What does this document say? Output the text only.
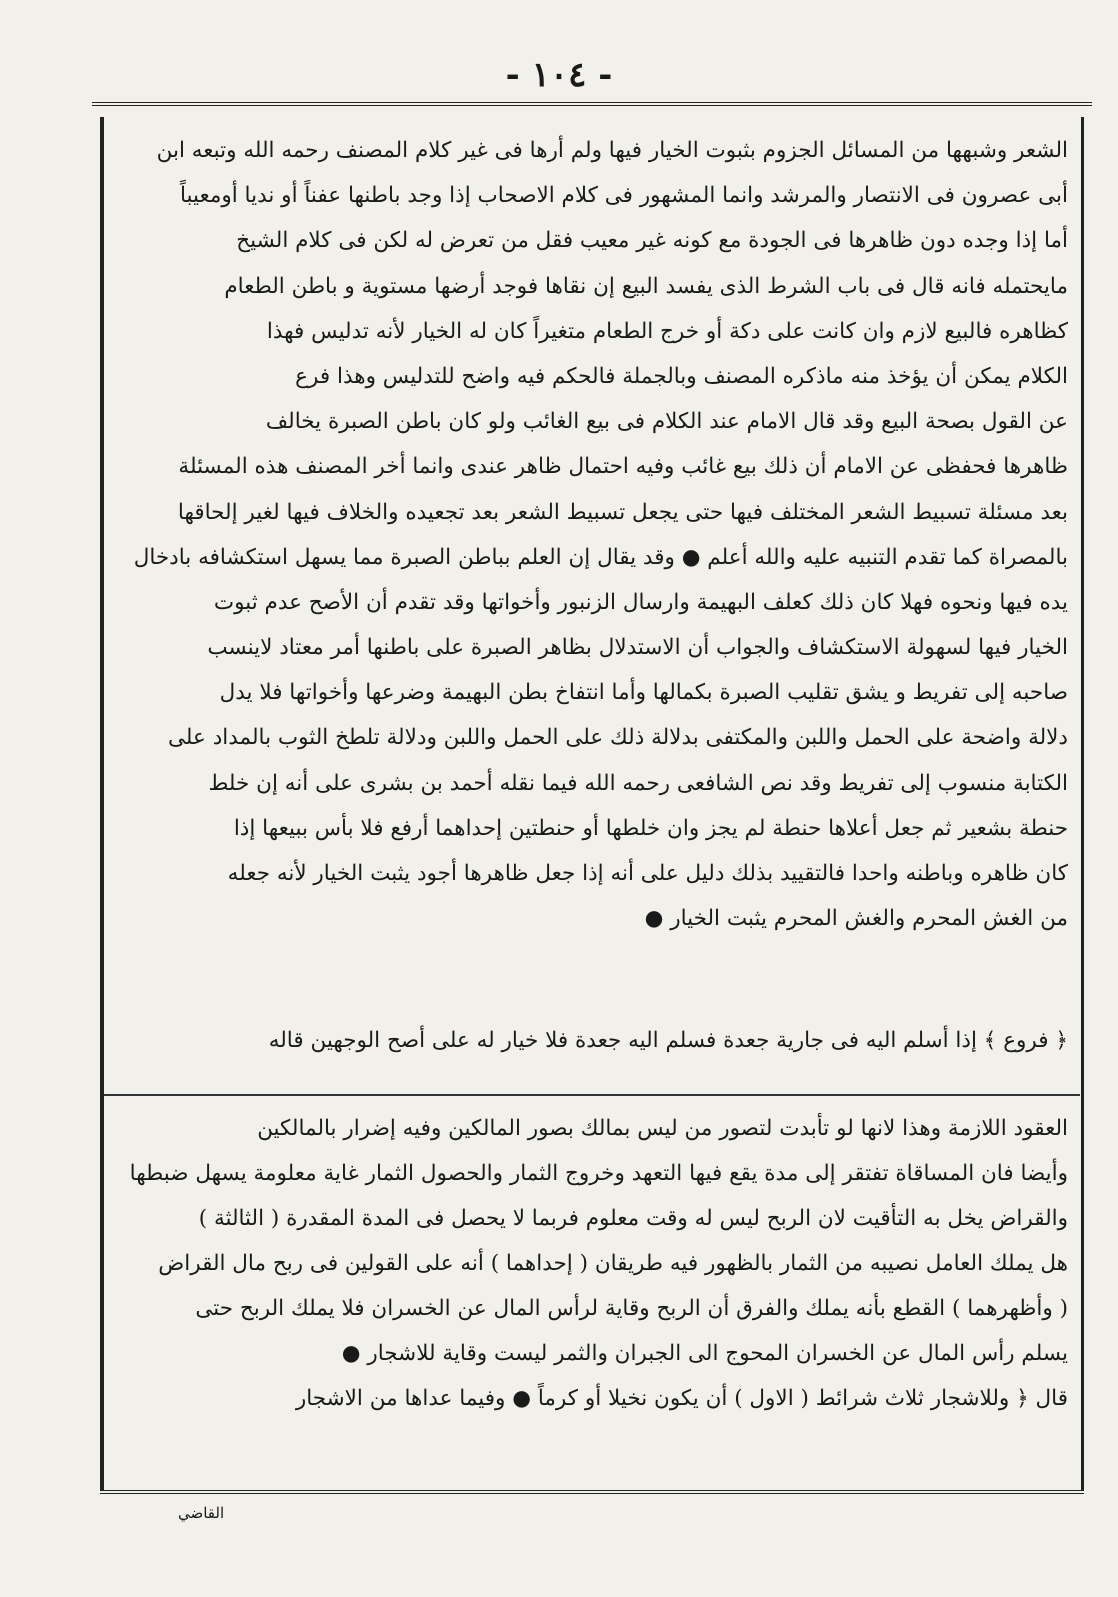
- ١٠٤ -
الشعر وشبهها من المسائل الجزوم بثبوت الخيار فيها ولم أرها فى غير كلام المصنف رحمه الله وتبعه ابن
أبى عصرون فى الانتصار والمرشد وانما المشهور فى كلام الاصحاب إذا وجد باطنها عفناً أو نديا أومعيباً
أما إذا وجده دون ظاهرها فى الجودة مع كونه غير معيب فقل من تعرض له لكن فى كلام الشيخ
مايحتمله فانه قال فى باب الشرط الذى يفسد البيع إن نقاها فوجد أرضها مستوية و باطن الطعام
كظاهره فالبيع لازم وان كانت على دكة أو خرج الطعام متغيراً كان له الخيار لأنه تدليس فهذا
الكلام يمكن أن يؤخذ منه ماذكره المصنف وبالجملة فالحكم فيه واضح للتدليس وهذا فرع
عن القول بصحة البيع وقد قال الامام عند الكلام فى بيع الغائب ولو كان باطن الصبرة يخالف
ظاهرها فحفظى عن الامام أن ذلك بيع غائب وفيه احتمال ظاهر عندى وانما أخر المصنف هذه المسئلة
بعد مسئلة تسبيط الشعر المختلف فيها حتى يجعل تسبيط الشعر بعد تجعيده والخلاف فيها لغير إلحاقها
بالمصراة كما تقدم التنبيه عليه والله أعلم ● وقد يقال إن العلم بباطن الصبرة مما يسهل استكشافه بادخال
يده فيها ونحوه فهلا كان ذلك كعلف البهيمة وارسال الزنبور وأخواتها وقد تقدم أن الأصح عدم ثبوت
الخيار فيها لسهولة الاستكشاف والجواب أن الاستدلال بظاهر الصبرة على باطنها أمر معتاد لاينسب
صاحبه إلى تفريط و يشق تقليب الصبرة بكمالها وأما انتفاخ بطن البهيمة وضرعها وأخواتها فلا يدل
دلالة واضحة على الحمل واللبن والمكتفى بدلالة ذلك على الحمل واللبن ودلالة تلطخ الثوب بالمداد على
الكتابة منسوب إلى تفريط وقد نص الشافعى رحمه الله فيما نقله أحمد بن بشرى على أنه إن خلط
حنطة بشعير ثم جعل أعلاها حنطة لم يجز وان خلطها أو حنطتين إحداهما أرفع فلا بأس ببيعها إذا
كان ظاهره وباطنه واحدا فالتقييد بذلك دليل على أنه إذا جعل ظاهرها أجود يثبت الخيار لأنه جعله
من الغش المحرم والغش المحرم يثبت الخيار ●
﴿ فروع ﴾ إذا أسلم اليه فى جارية جعدة فسلم اليه جعدة فلا خيار له على أصح الوجهين قاله
العقود اللازمة وهذا لانها لو تأبدت لتصور من ليس بمالك بصور المالكين وفيه إضرار بالمالكين
وأيضا فان المساقاة تفتقر إلى مدة يقع فيها التعهد وخروج الثمار والحصول الثمار غاية معلومة يسهل ضبطها
والقراض يخل به التأقيت لان الربح ليس له وقت معلوم فربما لا يحصل فى المدة المقدرة ( الثالثة )
هل يملك العامل نصيبه من الثمار بالظهور فيه طريقان ( إحداهما ) أنه على القولين فى ربح مال القراض
( وأظهرهما ) القطع بأنه يملك والفرق أن الربح وقاية لرأس المال عن الخسران فلا يملك الربح حتى
يسلم رأس المال عن الخسران المحوج الى الجبران والثمر ليست وقاية للاشجار ●
قال ﴿ وللاشجار ثلاث شرائط ( الاول ) أن يكون نخيلا أو كرماً ● وفيما عداها من الاشجار
القاضي
